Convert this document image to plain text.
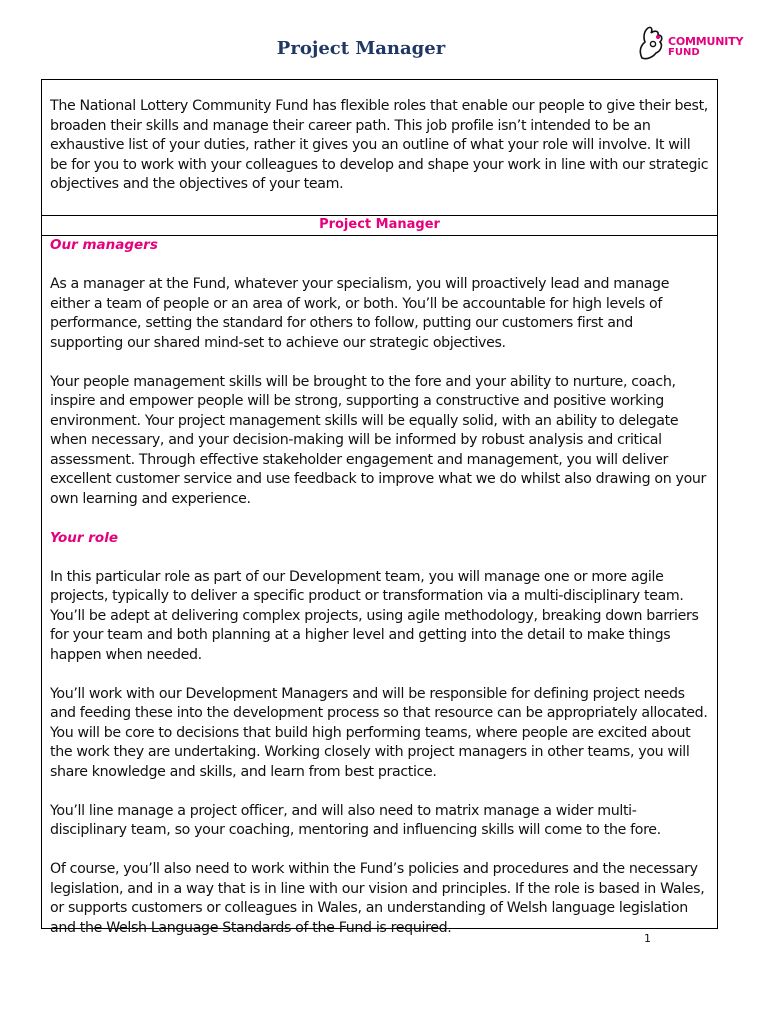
Project Manager	COMMUNITY
FUND

The National Lottery Community Fund has flexible roles that enable our people to give their best, broaden their skills and manage their career path. This job profile isn’t intended to be an exhaustive list of your duties, rather it gives you an outline of what your role will involve. It will be for you to work with your colleagues to develop and shape your work in line with our strategic objectives and the objectives of your team.

Project Manager
Our managers

As a manager at the Fund, whatever your specialism, you will proactively lead and manage either a team of people or an area of work, or both. You’ll be accountable for high levels of performance, setting the standard for others to follow, putting our customers first and supporting our shared mind-set to achieve our strategic objectives.

Your people management skills will be brought to the fore and your ability to nurture, coach, inspire and empower people will be strong, supporting a constructive and positive working environment. Your project management skills will be equally solid, with an ability to delegate when necessary, and your decision-making will be informed by robust analysis and critical assessment. Through effective stakeholder engagement and management, you will deliver excellent customer service and use feedback to improve what we do whilst also drawing on your own learning and experience.

Your role

In this particular role as part of our Development team, you will manage one or more agile projects, typically to deliver a specific product or transformation via a multi-disciplinary team. You’ll be adept at delivering complex projects, using agile methodology, breaking down barriers for your team and both planning at a higher level and getting into the detail to make things happen when needed.

You’ll work with our Development Managers and will be responsible for defining project needs and feeding these into the development process so that resource can be appropriately allocated. You will be core to decisions that build high performing teams, where people are excited about the work they are undertaking. Working closely with project managers in other teams, you will share knowledge and skills, and learn from best practice.

You’ll line manage a project officer, and will also need to matrix manage a wider multi-disciplinary team, so your coaching, mentoring and influencing skills will come to the fore.

Of course, you’ll also need to work within the Fund’s policies and procedures and the necessary legislation, and in a way that is in line with our vision and principles. If the role is based in Wales, or supports customers or colleagues in Wales, an understanding of Welsh language legislation and the Welsh Language Standards of the Fund is required.

1
